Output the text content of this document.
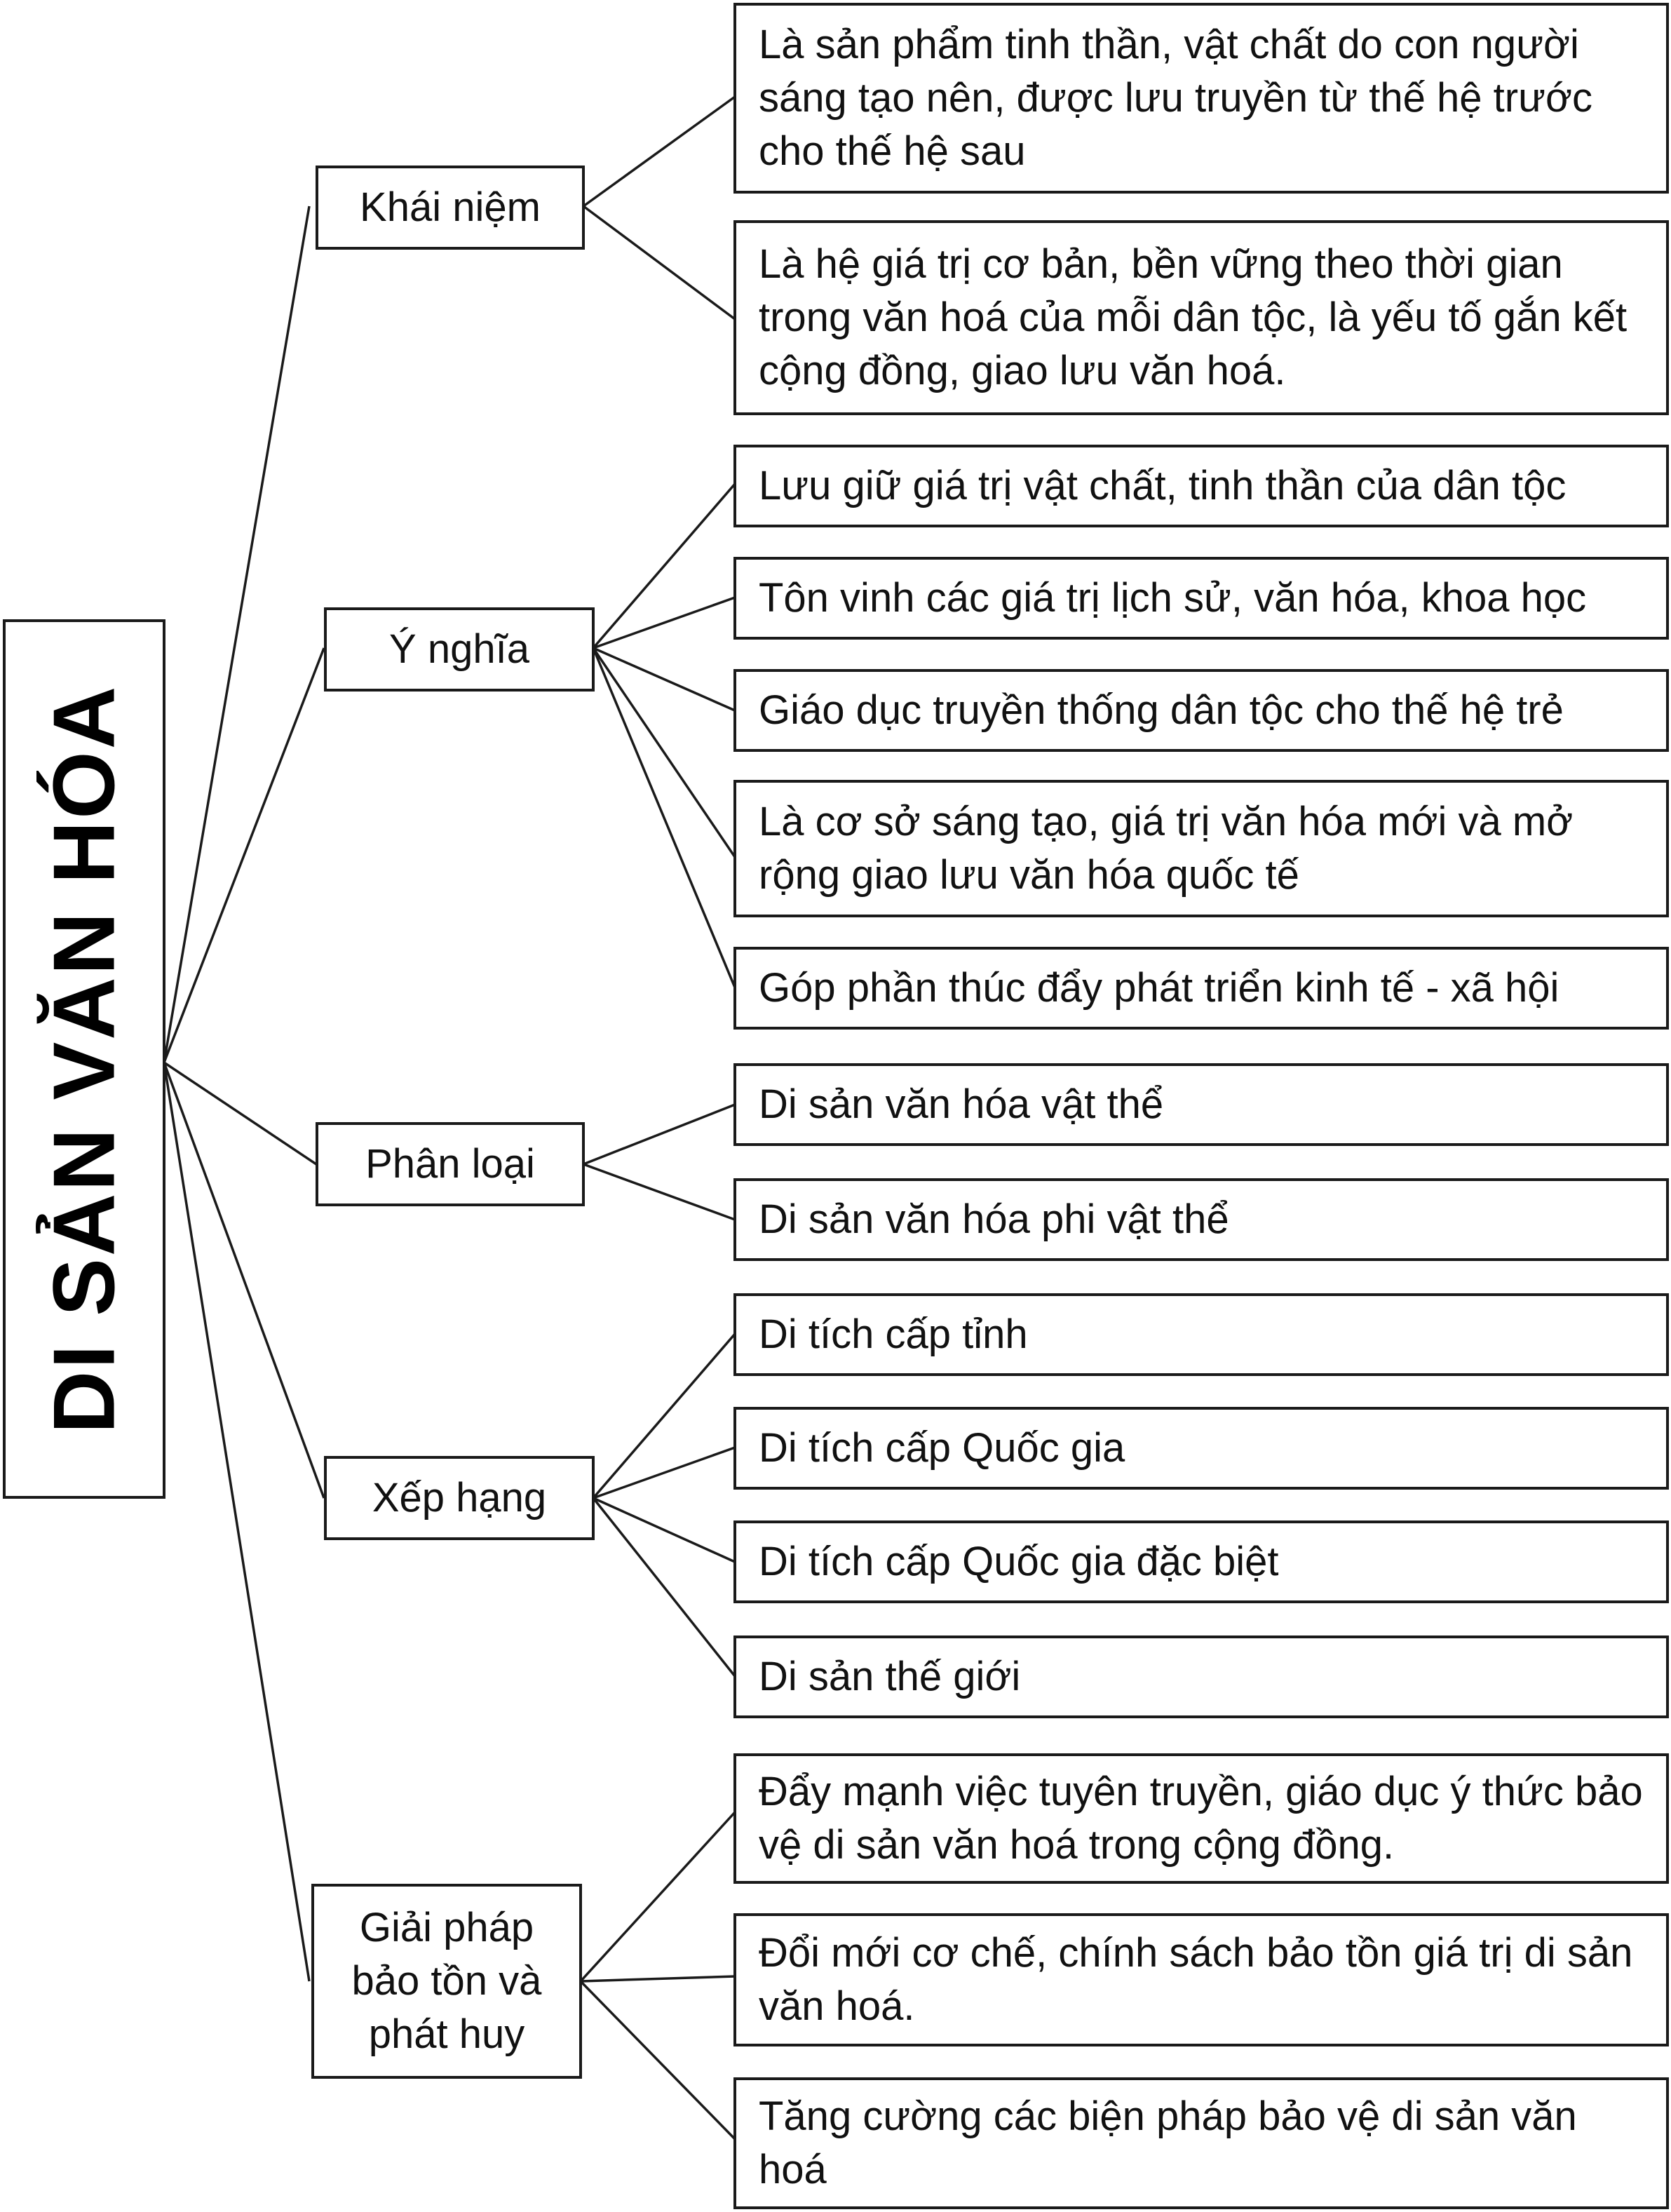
DI SẢN VĂN HÓA
Khái niệm
Ý nghĩa
Phân loại
Xếp hạng
Giải pháp bảo tồn và phát huy
Là sản phẩm tinh thần, vật chất do con người sáng tạo nên, được lưu truyền từ thế hệ trước cho thế hệ sau
Là hệ giá trị cơ bản, bền vững theo thời gian trong văn hoá của mỗi dân tộc, là yếu tố gắn kết cộng đồng, giao lưu văn hoá.
Lưu giữ giá trị vật chất, tinh thần của dân tộc
Tôn vinh các giá trị lịch sử, văn hóa, khoa học
Giáo dục truyền thống dân tộc cho thế hệ trẻ
Là cơ sở sáng tạo, giá trị văn hóa mới và mở rộng giao lưu văn hóa quốc tế
Góp phần thúc đẩy phát triển kinh tế - xã hội
Di sản văn hóa vật thể
Di sản văn hóa phi vật thể
Di tích cấp tỉnh
Di tích cấp Quốc gia
Di tích cấp Quốc gia đặc biệt
Di sản thế giới
Đẩy mạnh việc tuyên truyền, giáo dục ý thức bảo vệ di sản văn hoá trong cộng đồng.
Đổi mới cơ chế, chính sách bảo tồn giá trị di sản văn hoá.
Tăng cường các biện pháp bảo vệ di sản văn hoá
